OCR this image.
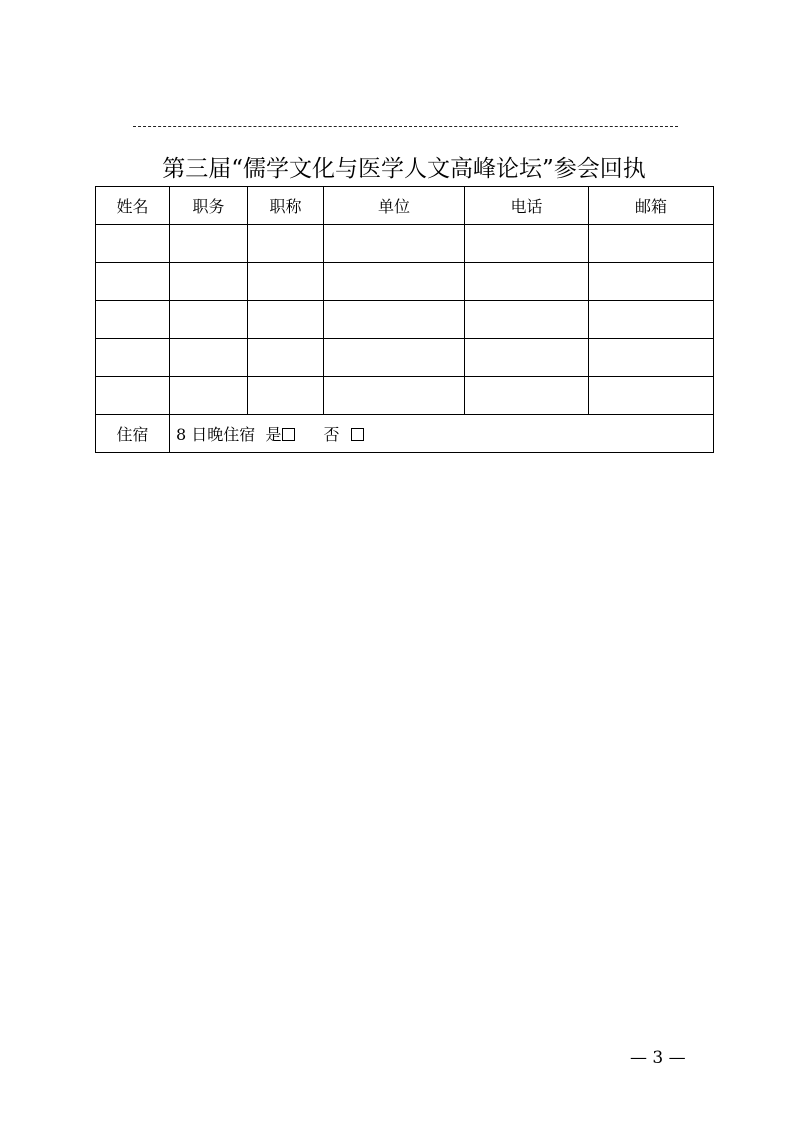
第三届“儒学文化与医学人文高峰论坛”参会回执
姓名	职务	职称	单位	电话	邮箱

住宿	8 日晚住宿 是 否				
— 3 —
